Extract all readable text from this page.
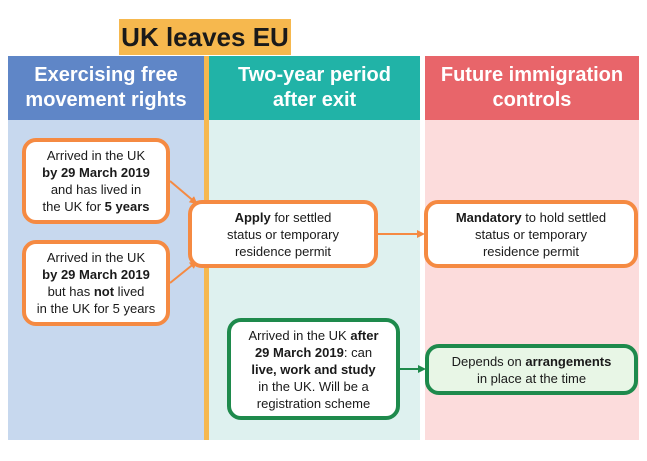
UK leaves EU
Exercising free
movement rights
Two-year period
after exit
Future immigration
controls

Arrived in the UK
by 29 March 2019
and has lived in
the UK for 5 years

Arrived in the UK
by 29 March 2019
but has not lived
in the UK for 5 years

Apply for settled
status or temporary
residence permit

Mandatory to hold settled
status or temporary
residence permit

Arrived in the UK after
29 March 2019: can
live, work and study
in the UK. Will be a
registration scheme

Depends on arrangements
in place at the time
